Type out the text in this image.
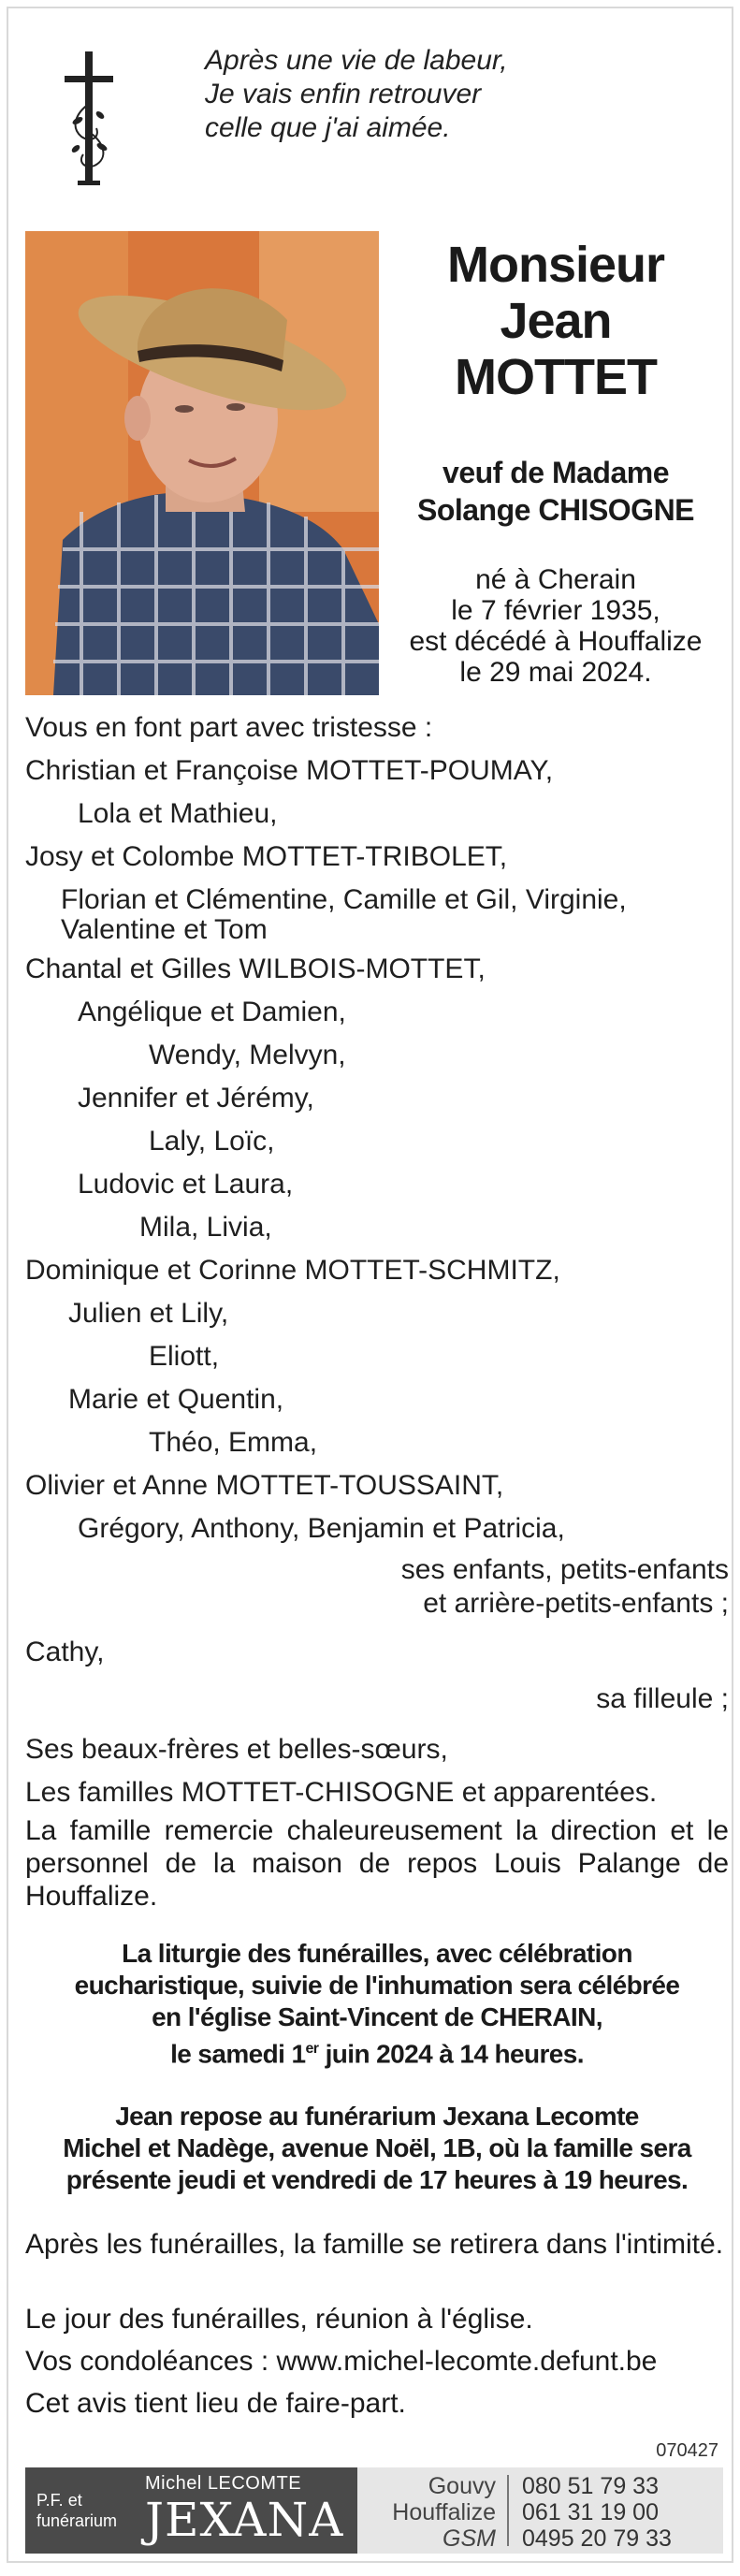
Après une vie de labeur,
Je vais enfin retrouver
celle que j'ai aimée.
Monsieur
Jean
MOTTET
veuf de Madame
Solange CHISOGNE
né à Cherain
le 7 février 1935,
est décédé à Houffalize
le 29 mai 2024.
Vous en font part avec tristesse :
Christian et Françoise MOTTET-POUMAY,
Lola et Mathieu,
Josy et Colombe MOTTET-TRIBOLET,
Florian et Clémentine, Camille et Gil, Virginie,
Valentine et Tom
Chantal et Gilles WILBOIS-MOTTET,
Angélique et Damien,
Wendy, Melvyn,
Jennifer et Jérémy,
Laly, Loïc,
Ludovic et Laura,
Mila, Livia,
Dominique et Corinne MOTTET-SCHMITZ,
Julien et Lily,
Eliott,
Marie et Quentin,
Théo, Emma,
Olivier et Anne MOTTET-TOUSSAINT,
Grégory, Anthony, Benjamin et Patricia,
ses enfants, petits-enfants
et arrière-petits-enfants ;
Cathy,
sa filleule ;
Ses beaux-frères et belles-sœurs,
Les familles MOTTET-CHISOGNE et apparentées.
La famille remercie chaleureusement la direction et le personnel de la maison de repos Louis Palange de Houffalize.
La liturgie des funérailles, avec célébration
eucharistique, suivie de l'inhumation sera célébrée
en l'église Saint-Vincent de CHERAIN,
le samedi 1er juin 2024 à 14 heures.
Jean repose au funérarium Jexana Lecomte
Michel et Nadège, avenue Noël, 1B, où la famille sera
présente jeudi et vendredi de 17 heures à 19 heures.
Après les funérailles, la famille se retirera dans l'intimité.
Le jour des funérailles, réunion à l'église.
Vos condoléances : www.michel-lecomte.defunt.be
Cet avis tient lieu de faire-part.
070427
P.F. et
funérarium
Michel LECOMTE
JEXANA
Gouvy
Houffalize
GSM
080 51 79 33
061 31 19 00
0495 20 79 33
